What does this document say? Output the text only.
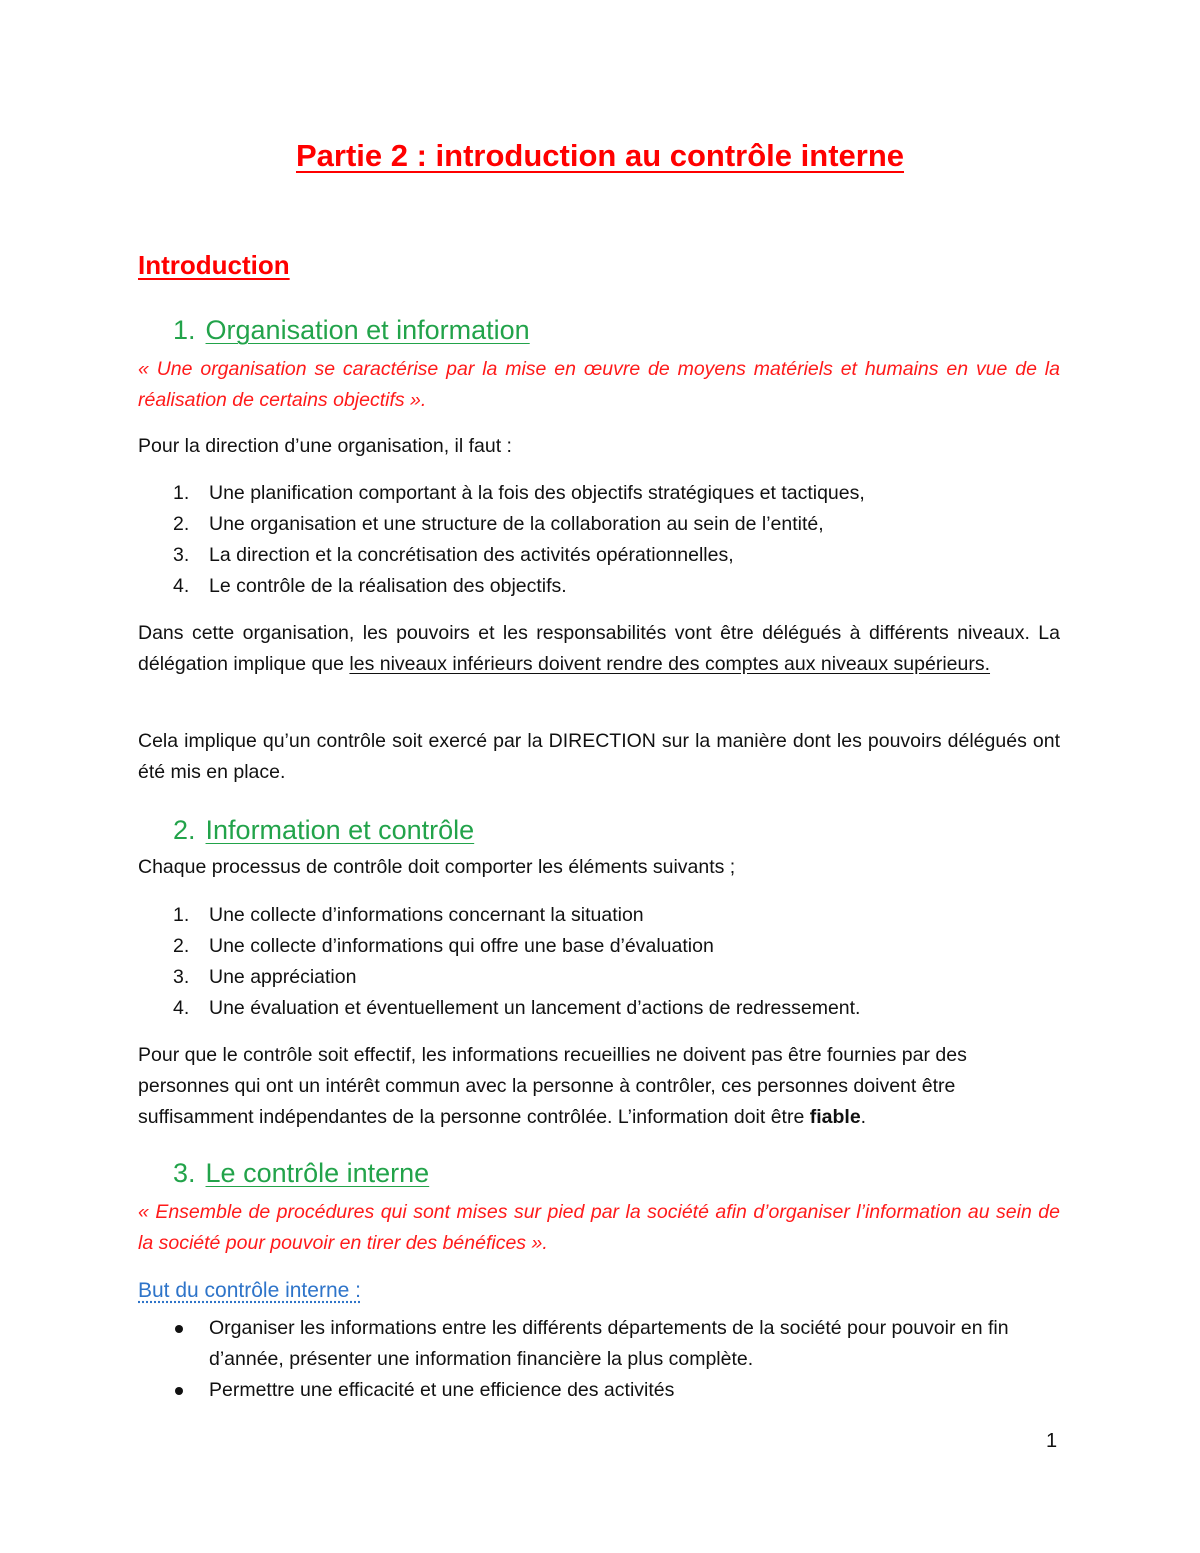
Partie 2 : introduction au contrôle interne
Introduction
1. Organisation et information
« Une organisation se caractérise par la mise en œuvre de moyens matériels et humains en vue de la réalisation de certains objectifs ».
Pour la direction d’une organisation, il faut :
1. Une planification comportant à la fois des objectifs stratégiques et tactiques,
2. Une organisation et une structure de la collaboration au sein de l’entité,
3. La direction et la concrétisation des activités opérationnelles,
4. Le contrôle de la réalisation des objectifs.
Dans cette organisation, les pouvoirs et les responsabilités vont être délégués à différents niveaux. La délégation implique que les niveaux inférieurs doivent rendre des comptes aux niveaux supérieurs.
Cela implique qu’un contrôle soit exercé par la DIRECTION sur la manière dont les pouvoirs délégués ont été mis en place.
2. Information et contrôle
Chaque processus de contrôle doit comporter les éléments suivants ;
1. Une collecte d’informations concernant la situation
2. Une collecte d’informations qui offre une base d’évaluation
3. Une appréciation
4. Une évaluation et éventuellement un lancement d’actions de redressement.
Pour que le contrôle soit effectif, les informations recueillies ne doivent pas être fournies par des personnes qui ont un intérêt commun avec la personne à contrôler, ces personnes doivent être suffisamment indépendantes de la personne contrôlée. L’information doit être fiable.
3. Le contrôle interne
« Ensemble de procédures qui sont mises sur pied par la société afin d’organiser l’information au sein de la société pour pouvoir en tirer des bénéfices ».
But du contrôle interne :
Organiser les informations entre les différents départements de la société pour pouvoir en fin d’année, présenter une information financière la plus complète.
Permettre une efficacité et une efficience des activités
1
